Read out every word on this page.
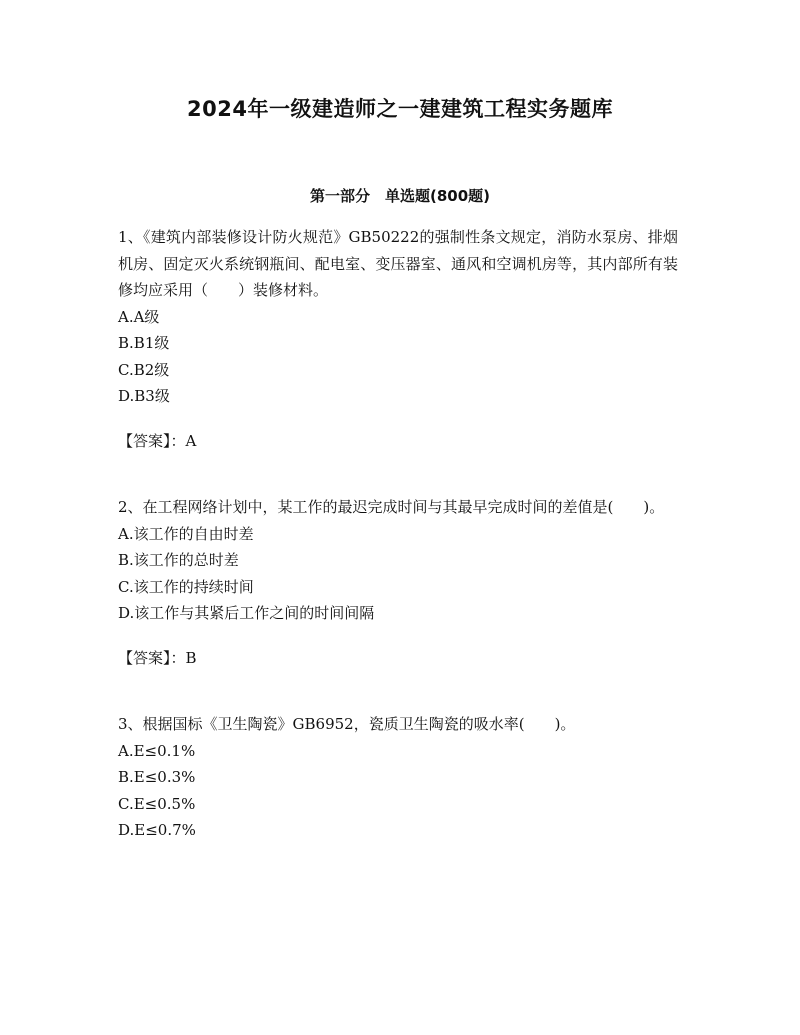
2024年一级建造师之一建建筑工程实务题库
第一部分　单选题(800题)

1、《建筑内部装修设计防火规范》GB50222的强制性条文规定，消防水泵房、排烟机房、固定灭火系统钢瓶间、配电室、变压器室、通风和空调机房等，其内部所有装修均应采用（　　）装修材料。

A.A级
B.B1级
C.B2级
D.B3级
【答案】：A

2、在工程网络计划中，某工作的最迟完成时间与其最早完成时间的差值是(　　)。

A.该工作的自由时差
B.该工作的总时差
C.该工作的持续时间
D.该工作与其紧后工作之间的时间间隔
【答案】：B

3、根据国标《卫生陶瓷》GB6952，瓷质卫生陶瓷的吸水率(　　)。

A.E≤0.1%
B.E≤0.3%
C.E≤0.5%
D.E≤0.7%
